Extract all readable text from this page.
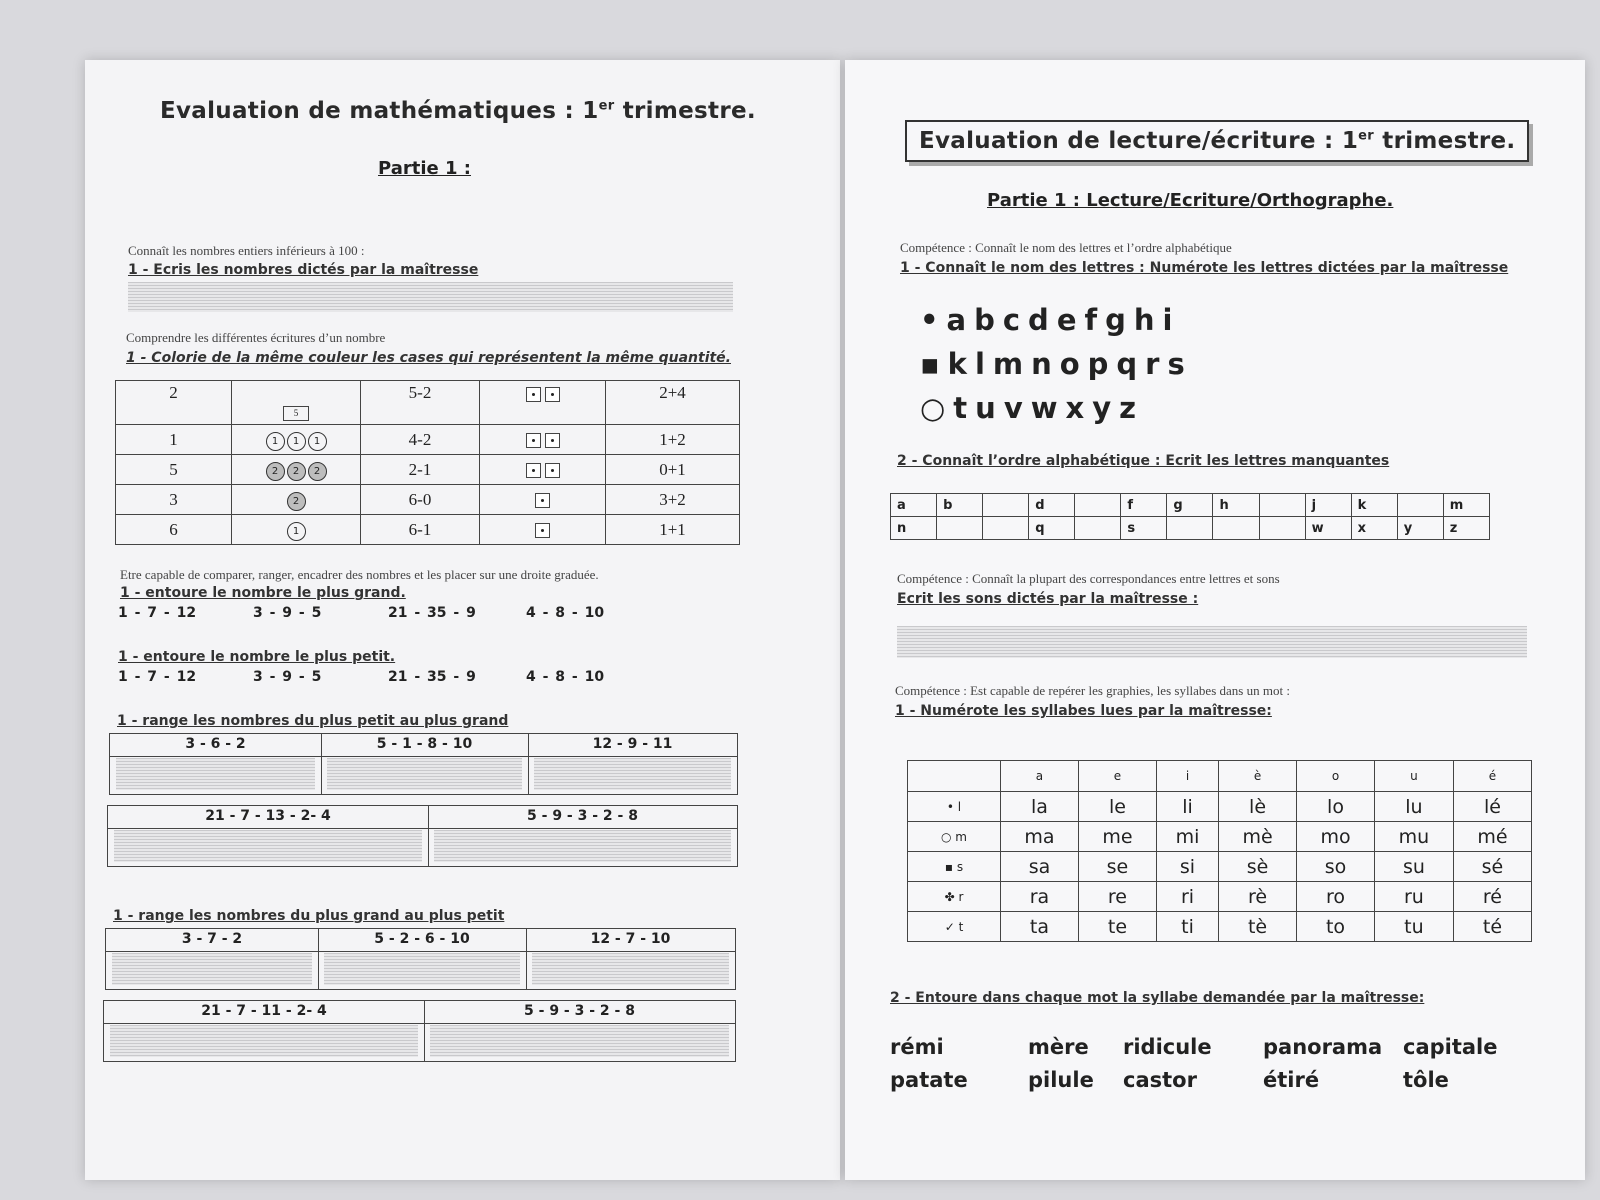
Evaluation de mathématiques : 1er trimestre.
Partie 1 :
Connaît les nombres entiers inférieurs à 100 :
1 - Ecris les nombres dictés par la maîtresse
Comprendre les différentes écritures d’un nombre
1 - Colorie de la même couleur les cases qui représentent la même quantité.
2	5	5-2		2+4
1	1 1 1	4-2		1+2
5	2 2 2	2-1		0+1
3	2	6-0		3+2
6	1	6-1		1+1
Etre capable de comparer, ranger, encadrer des nombres et les placer sur une droite graduée.
1 - entoure le nombre le plus grand.
1 - 7 - 12	3 - 9 - 5	21 - 35 - 9	4 - 8 - 10
1 - entoure le nombre le plus petit.
1 - 7 - 12	3 - 9 - 5	21 - 35 - 9	4 - 8 - 10
1 - range les nombres du plus petit au plus grand
3 - 6 - 2	5 - 1 - 8 - 10	12 - 9 - 11
21 - 7 - 13 - 2- 4	5 - 9 - 3 - 2 - 8
1 - range les nombres du plus grand au plus petit
3 - 7 - 2	5 - 2 - 6 - 10	12 - 7 - 10
21 - 7 - 11 - 2- 4	5 - 9 - 3 - 2 - 8
Evaluation de lecture/écriture : 1er trimestre.
Partie 1 : Lecture/Ecriture/Orthographe.
Compétence : Connaît le nom des lettres et l’ordre alphabétique
1 - Connaît le nom des lettres : Numérote les lettres dictées par la maîtresse
•abcdefghi
▪klmnopqrs
○tuvwxyz
2 - Connaît l’ordre alphabétique : Ecrit les lettres manquantes
a	b		d		f	g	h		j	k		m
n			q		s				w	x	y	z
Compétence : Connaît la plupart des correspondances entre lettres et sons
Ecrit les sons dictés par la maîtresse :
Compétence : Est capable de repérer les graphies, les syllabes dans un mot :
1 - Numérote les syllabes lues par la maîtresse:
	a	e	i	è	o	u	é
• l	la	le	li	lè	lo	lu	lé
○ m	ma	me	mi	mè	mo	mu	mé
▪ s	sa	se	si	sè	so	su	sé
✤ r	ra	re	ri	rè	ro	ru	ré
✓ t	ta	te	ti	tè	to	tu	té
2 - Entoure dans chaque mot la syllabe demandée par la maîtresse:
rémi	mère ridicule panorama capitale
patate	pilule castor	étiré	tôle
